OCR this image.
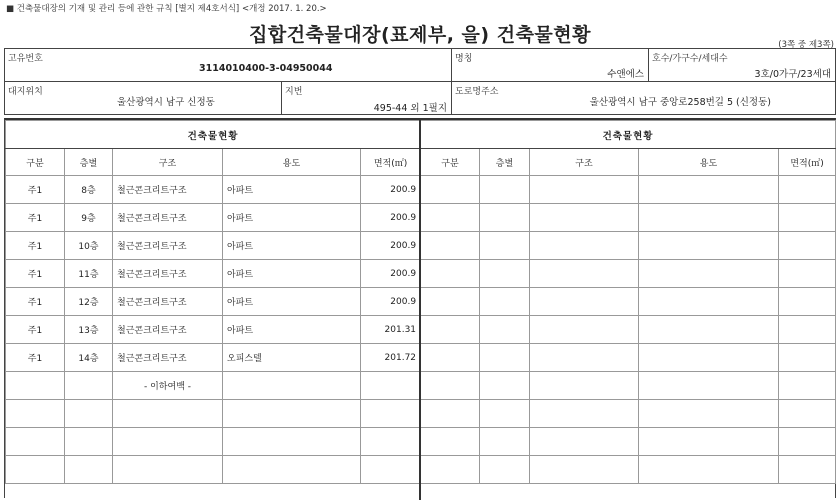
■ 건축물대장의 기재 및 관리 등에 관한 규칙 [별지 제4호서식] <개정 2017. 1. 20.>
집합건축물대장(표제부, 을) 건축물현황	(3쪽 중 제3쪽)
고유번호
3114010400-3-04950044
명칭
수앤에스
호수/가구수/세대수
3호/0가구/23세대
대지위치
울산광역시 남구 신정동
지번
495-44 외 1필지
도로명주소
울산광역시 남구 중앙로258번길 5 (신정동)
건축물현황				
구분	층별	구조	용도	면적(㎡)
주1	8층	철근콘크리트구조	아파트	200.9
주1	9층	철근콘크리트구조	아파트	200.9
주1	10층	철근콘크리트구조	아파트	200.9
주1	11층	철근콘크리트구조	아파트	200.9
주1	12층	철근콘크리트구조	아파트	200.9
주1	13층	철근콘크리트구조	아파트	201.31
주1	14층	철근콘크리트구조	오피스텔	201.72
		- 이하여백 -		

건축물현황				
구분	층별	구조	용도	면적(㎡)
